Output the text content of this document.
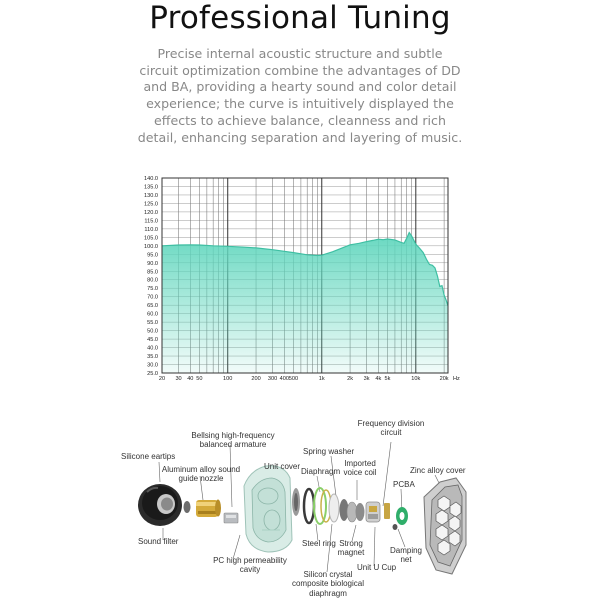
Professional Tuning
Precise internal acoustic structure and subtle
circuit optimization combine the advantages of DD
and BA, providing a hearty sound and color detail
experience; the curve is intuitively displayed the
effects to achieve balance, cleanness and rich
detail, enhancing separation and layering of music.
140.0
135.0
130.0
125.0
120.0
115.0
110.0
105.0
100.0
95.0
90.0
85.0
80.0
75.0
70.0
65.0
60.0
55.0
50.0
45.0
40.0
35.0
30.0
25.0
20 30 40 50	100	200 300 400 500	1k	2k 3k 4k 5k	10k	20k Hz
Silicone eartips
Aluminum alloy sound
guide nozzle
Bellsing high-frequency
balanced armature
Unit cover
Spring washer
Diaphragm
Imported
voice coil
Frequency division
circuit
PCBA
Zinc alloy cover
Sound filter	Steel ring Strong
magnet	Damping
net
PC high permeability
cavity	Unit U Cup
Silicon crystal
composite biological
diaphragm
